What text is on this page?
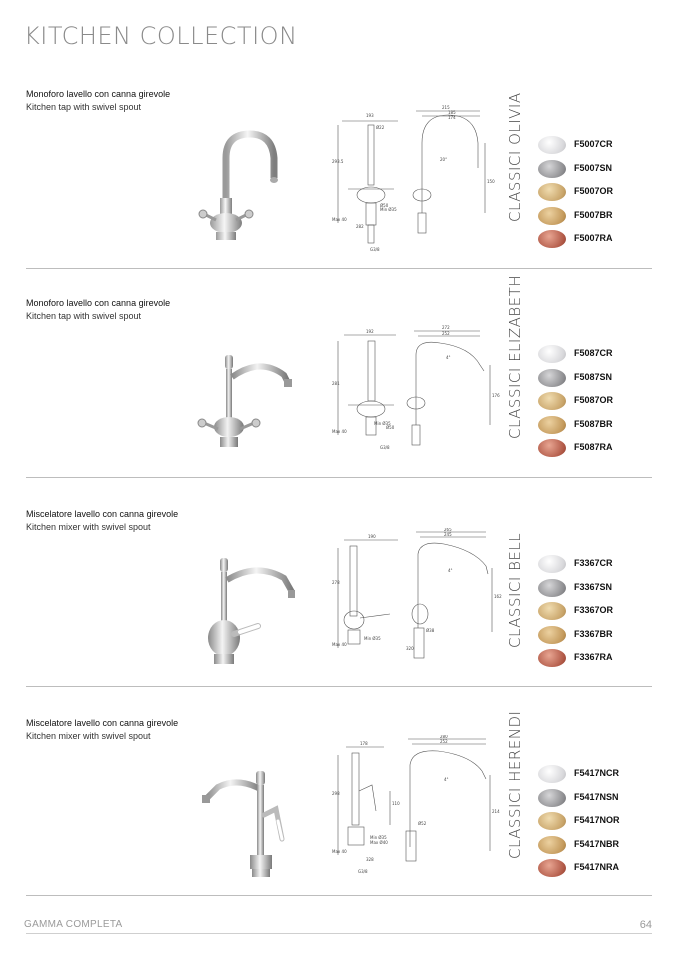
KITCHEN COLLECTION
Monoforo lavello con canna girevole
Kitchen tap with swivel spout
193
Ø22
293.5
Max 40
Min Ø35
Ø50
282
G3/8
215
185
174
20°
150 CLASSICI OLIVIA	F5007CR
F5007SN
F5007OR
F5007BR
F5007RA
Monoforo lavello con canna girevole
Kitchen tap with swivel spout
192
281
Max 40
Min Ø35
Ø50
G3/8
272
252
4°
176 CLASSICI ELIZABETH	F5087CR
F5087SN
F5087OR
F5087BR
F5087RA
Miscelatore lavello con canna girevole
Kitchen mixer with swivel spout
190
278
Max 40
Min Ø35
Ø38
320
265
245
4°
162 CLASSICI BELL	F3367CR
F3367SN
F3367OR
F3367BR
F3367RA
Miscelatore lavello con canna girevole
Kitchen mixer with swivel spout
178
298
110
Max 40
Min Ø35
Max Ø40
Ø52
328
G3/8
280
252
4°
214 CLASSICI HERENDI	F5417NCR
F5417NSN
F5417NOR
F5417NBR
F5417NRA
GAMMA COMPLETA	64
